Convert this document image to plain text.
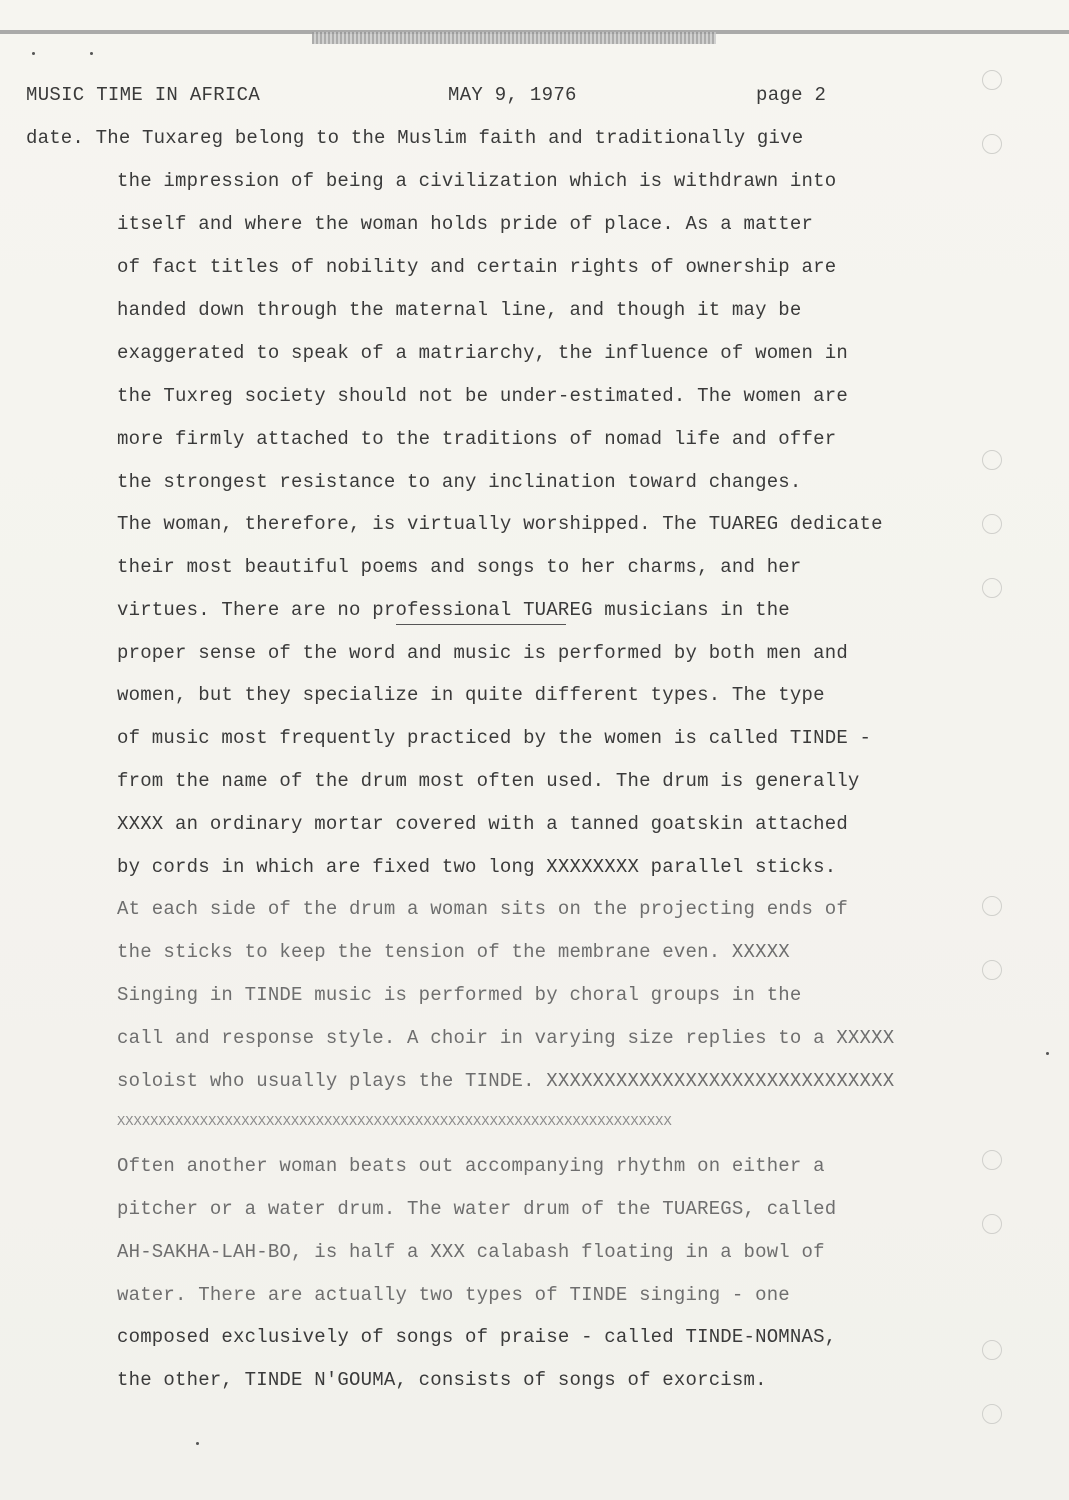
MUSIC TIME IN AFRICA	MAY 9, 1976	page 2
date. The Tuxareg belong to the Muslim faith and traditionally give
the impression of being a civilization which is withdrawn into
itself and where the woman holds pride of place. As a matter
of fact titles of nobility and certain rights of ownership are
handed down through the maternal line, and though it may be
exaggerated to speak of a matriarchy, the influence of women in
the Tuxreg society should not be under-estimated. The women are
more firmly attached to the traditions of nomad life and offer
the strongest resistance to any inclination toward changes.
The woman, therefore, is virtually worshipped. The TUAREG dedicate
their most beautiful poems and songs to her charms, and her
virtues. There are no professional TUAREG musicians in the
proper sense of the word and music is performed by both men and
women, but they specialize in quite different types. The type
of music most frequently practiced by the women is called TINDE -
from the name of the drum most often used. The drum is generally
XXXX an ordinary mortar covered with a tanned goatskin attached
by cords in which are fixed two long XXXXXXXX parallel sticks.
At each side of the drum a woman sits on the projecting ends of
the sticks to keep the tension of the membrane even. XXXXX
Singing in TINDE music is performed by choral groups in the
call and response style. A choir in varying size replies to a XXXXX
soloist who usually plays the TINDE. XXXXXXXXXXXXXXXXXXXXXXXXXXXXXX
XXXXXXXXXXXXXXXXXXXXXXXXXXXXXXXXXXXXXXXXXXXXXXXXXXXXXXXXXXXXXXXXXXX
Often another woman beats out accompanying rhythm on either a
pitcher or a water drum. The water drum of the TUAREGS, called
AH-SAKHA-LAH-BO, is half a XXX calabash floating in a bowl of
water. There are actually two types of TINDE singing - one
composed exclusively of songs of praise - called TINDE-NOMNAS,
the other, TINDE N'GOUMA, consists of songs of exorcism.
